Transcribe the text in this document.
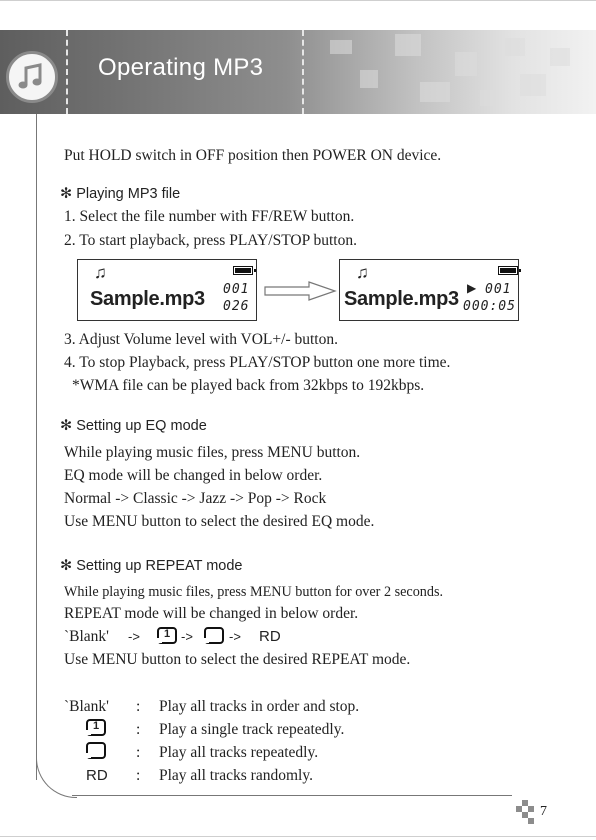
Operating MP3
Put HOLD switch in OFF position then POWER ON device.
✻ Playing MP3 file
1. Select the file number with FF/REW button.
2. To start playback, press PLAY/STOP button.
♫
Sample.mp3 001
026
♫
Sample.mp3 ▶ 001
000:05
3. Adjust Volume level with VOL+/- button.
4. To stop Playback, press PLAY/STOP button one more time.
*WMA file can be played back from 32kbps to 192kbps.
✻ Setting up EQ mode
While playing music files, press MENU button.
EQ mode will be changed in below order.
Normal -> Classic -> Jazz -> Pop -> Rock
Use MENU button to select the desired EQ mode.
✻ Setting up REPEAT mode
While playing music files, press MENU button for over 2 seconds.
REPEAT mode will be changed in below order.
`Blank' -> 1 ->	-> RD
Use MENU button to select the desired REPEAT mode.
`Blank' : Play all tracks in order and stop.
1 : Play a single track repeatedly.
: Play all tracks repeatedly.
RD : Play all tracks randomly.
7
